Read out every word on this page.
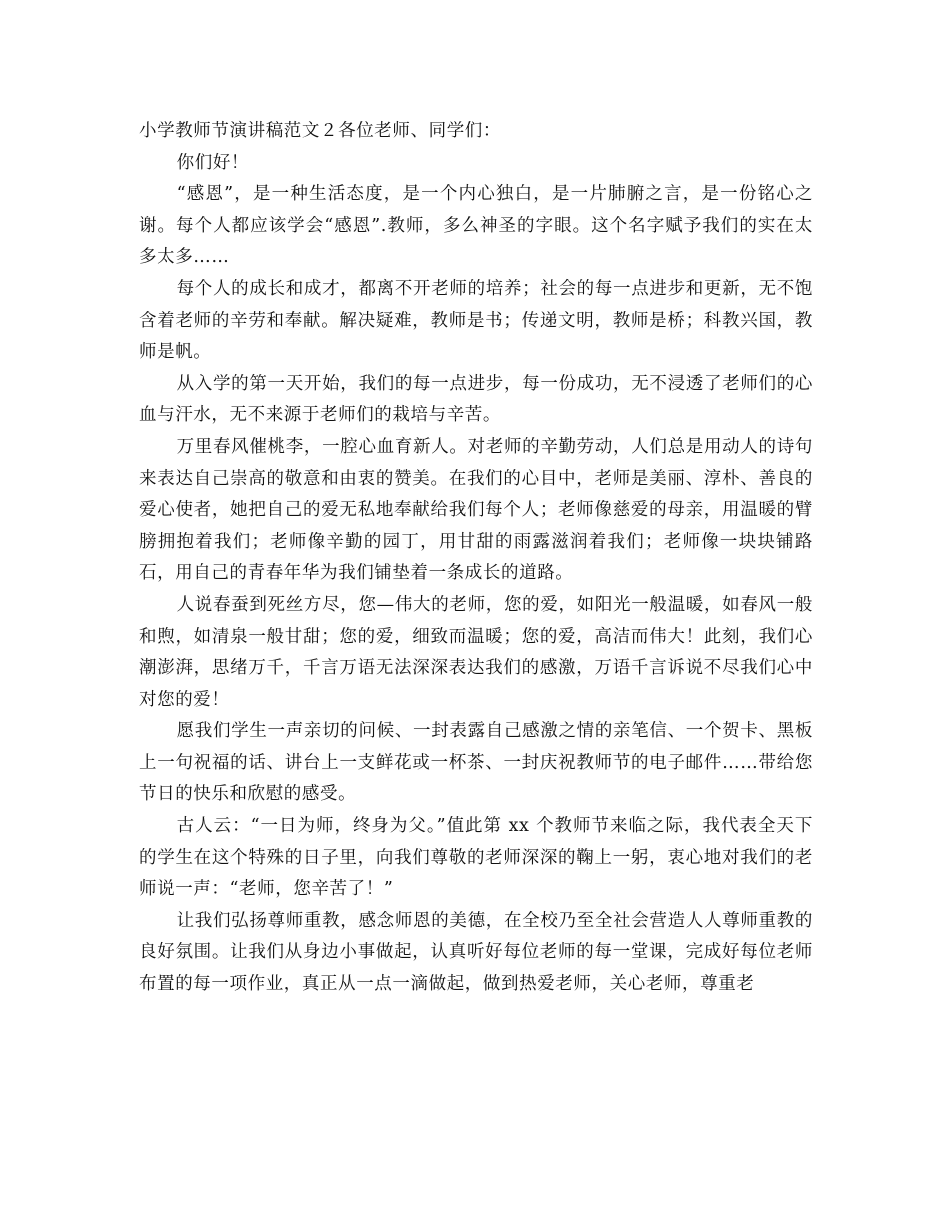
小学教师节演讲稿范文２各位老师、同学们：

你们好！

“感恩”，是一种生活态度，是一个内心独白，是一片肺腑之言，是一份铭心之谢。每个人都应该学会“感恩”.教师，多么神圣的字眼。这个名字赋予我们的实在太多太多……

每个人的成长和成才，都离不开老师的培养；社会的每一点进步和更新，无不饱含着老师的辛劳和奉献。解决疑难，教师是书；传递文明，教师是桥；科教兴国，教师是帆。

从入学的第一天开始，我们的每一点进步，每一份成功，无不浸透了老师们的心血与汗水，无不来源于老师们的栽培与辛苦。

万里春风催桃李，一腔心血育新人。对老师的辛勤劳动，人们总是用动人的诗句来表达自己崇高的敬意和由衷的赞美。在我们的心目中，老师是美丽、淳朴、善良的爱心使者，她把自己的爱无私地奉献给我们每个人；老师像慈爱的母亲，用温暖的臂膀拥抱着我们；老师像辛勤的园丁，用甘甜的雨露滋润着我们；老师像一块块铺路石，用自己的青春年华为我们铺垫着一条成长的道路。

人说春蚕到死丝方尽，您—伟大的老师，您的爱，如阳光一般温暖，如春风一般和煦，如清泉一般甘甜；您的爱，细致而温暖；您的爱，高洁而伟大！此刻，我们心潮澎湃，思绪万千，千言万语无法深深表达我们的感激，万语千言诉说不尽我们心中对您的爱！

愿我们学生一声亲切的问候、一封表露自己感激之情的亲笔信、一个贺卡、黑板上一句祝福的话、讲台上一支鲜花或一杯茶、一封庆祝教师节的电子邮件……带给您节日的快乐和欣慰的感受。

古人云：“一日为师，终身为父。”值此第 xx 个教师节来临之际，我代表全天下的学生在这个特殊的日子里，向我们尊敬的老师深深的鞠上一躬，衷心地对我们的老师说一声：“老师，您辛苦了！”

让我们弘扬尊师重教，感念师恩的美德，在全校乃至全社会营造人人尊师重教的良好氛围。让我们从身边小事做起，认真听好每位老师的每一堂课，完成好每位老师布置的每一项作业，真正从一点一滴做起，做到热爱老师，关心老师，尊重老
